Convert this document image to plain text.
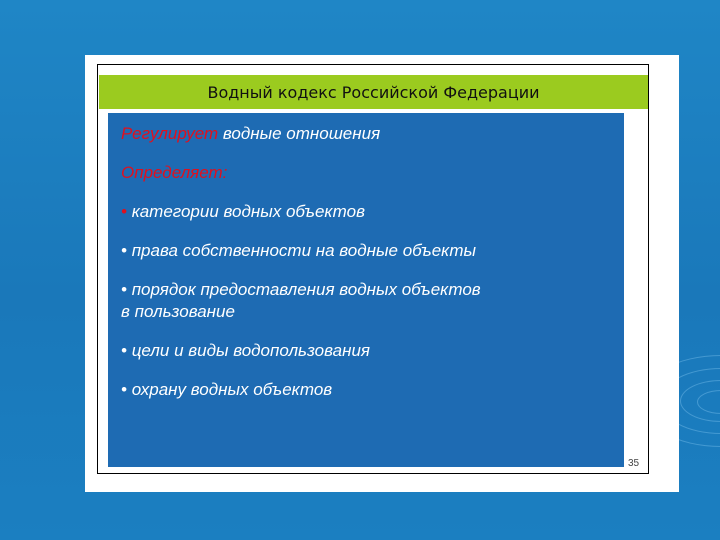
Водный кодекс Российской Федерации

Регулирует водные отношения

Определяет:

• категории водных объектов

• права собственности на водные объекты

• порядок предоставления водных объектов

в пользование

• цели и виды водопользования

• охрану водных объектов

35
